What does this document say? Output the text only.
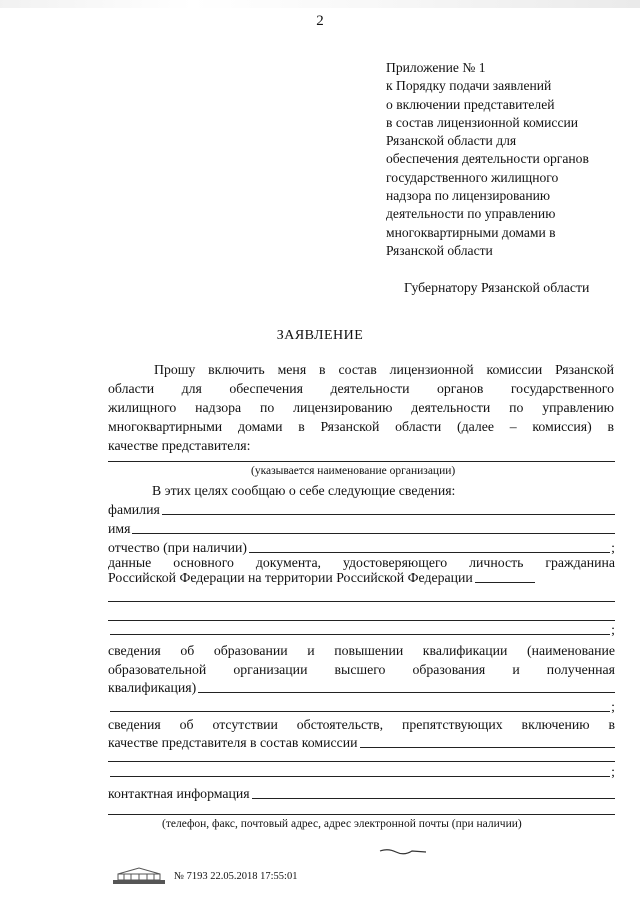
2
Приложение № 1
к Порядку подачи заявлений
о включении представителей
в состав лицензионной комиссии
Рязанской области для
обеспечения деятельности органов
государственного жилищного
надзора по лицензированию
деятельности по управлению
многоквартирными домами в
Рязанской области
Губернатору Рязанской области
ЗАЯВЛЕНИЕ
Прошу включить меня в состав лицензионной комиссии Рязанской
области для обеспечения деятельности органов государственного
жилищного надзора по лицензированию деятельности по управлению
многоквартирными домами в Рязанской области (далее – комиссия) в
качестве представителя:
(указывается наименование организации)
В этих целях сообщаю о себе следующие сведения:
фамилия
имя
отчество (при наличии)	;
данные основного документа, удостоверяющего личность гражданина
Российской Федерации на территории Российской Федерации
;
сведения об образовании и повышении квалификации (наименование
образовательной организации высшего образования и полученная
квалификация)
;
сведения об отсутствии обстоятельств, препятствующих включению в
качестве представителя в состав комиссии
;
контактная информация
(телефон, факс, почтовый адрес, адрес электронной почты (при наличии)
№ 7193 22.05.2018 17:55:01
